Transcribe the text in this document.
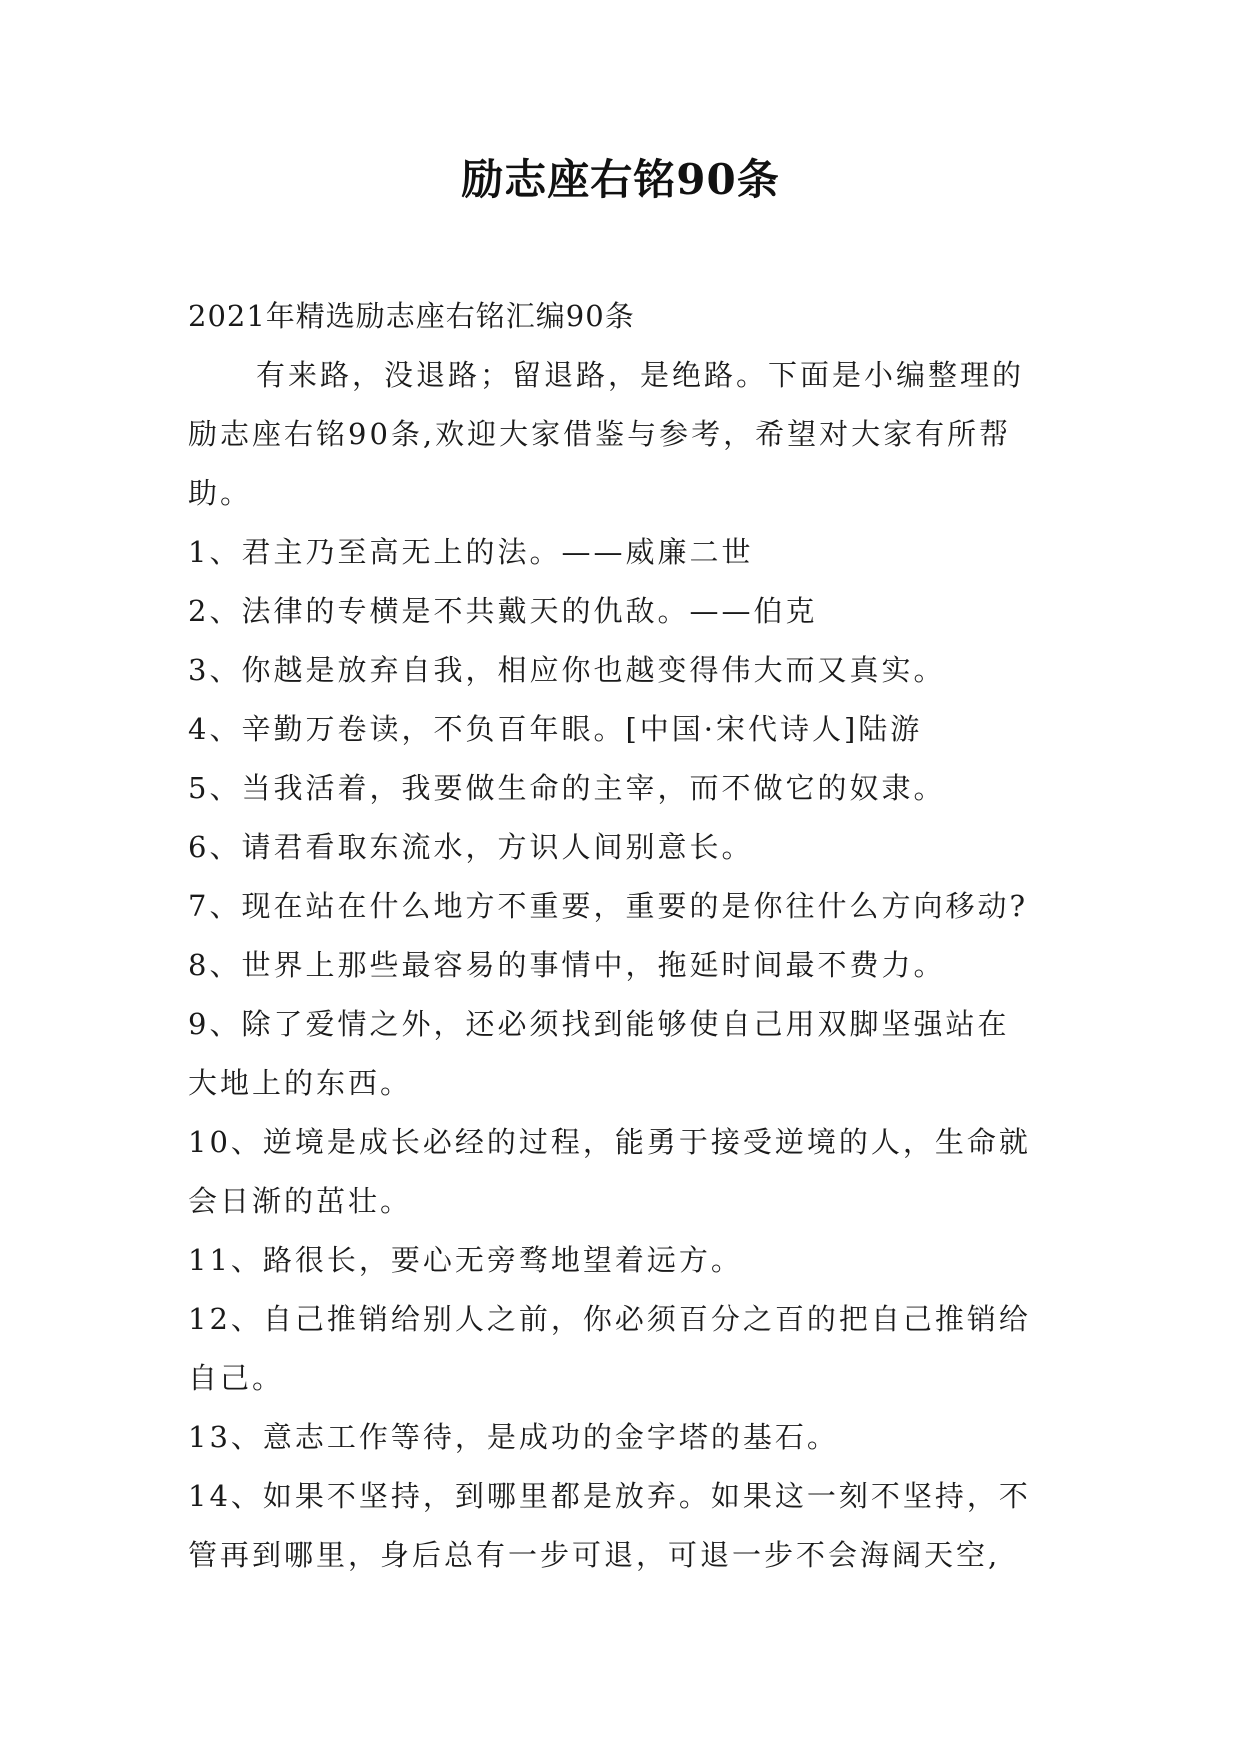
励志座右铭90条

2021年精选励志座右铭汇编90条

有来路，没退路；留退路，是绝路。下面是小编整理的

励志座右铭90条,欢迎大家借鉴与参考，希望对大家有所帮

助。

1、君主乃至高无上的法。——威廉二世

2、法律的专横是不共戴天的仇敌。——伯克

3、你越是放弃自我，相应你也越变得伟大而又真实。

4、辛勤万卷读，不负百年眼。[中国·宋代诗人]陆游

5、当我活着，我要做生命的主宰，而不做它的奴隶。

6、请君看取东流水，方识人间别意长。

7、现在站在什么地方不重要，重要的是你往什么方向移动?

8、世界上那些最容易的事情中，拖延时间最不费力。

9、除了爱情之外，还必须找到能够使自己用双脚坚强站在

大地上的东西。

10、逆境是成长必经的过程，能勇于接受逆境的人，生命就

会日渐的茁壮。

11、路很长，要心无旁骛地望着远方。

12、自己推销给别人之前，你必须百分之百的把自己推销给

自己。

13、意志工作等待，是成功的金字塔的基石。

14、如果不坚持，到哪里都是放弃。如果这一刻不坚持，不

管再到哪里，身后总有一步可退，可退一步不会海阔天空,
